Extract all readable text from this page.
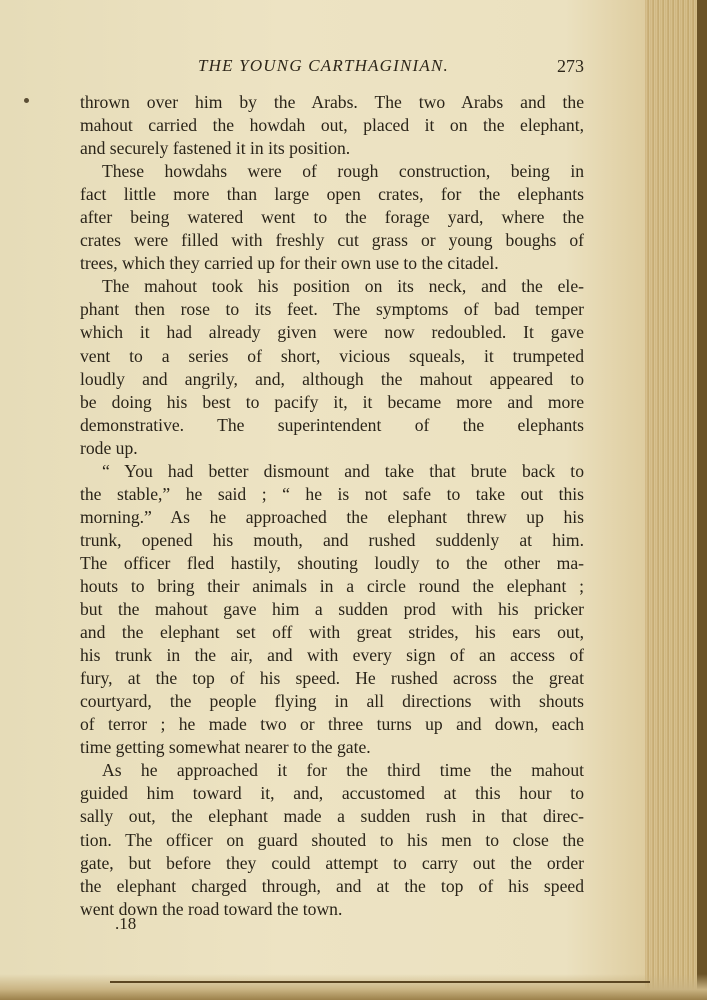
THE YOUNG CARTHAGINIAN.	273
thrown over him by the Arabs. The two Arabs and the
mahout carried the howdah out, placed it on the elephant,
and securely fastened it in its position.
These howdahs were of rough construction, being in
fact little more than large open crates, for the elephants
after being watered went to the forage yard, where the
crates were filled with freshly cut grass or young boughs of
trees, which they carried up for their own use to the citadel.
The mahout took his position on its neck, and the ele-
phant then rose to its feet. The symptoms of bad temper
which it had already given were now redoubled. It gave
vent to a series of short, vicious squeals, it trumpeted
loudly and angrily, and, although the mahout appeared to
be doing his best to pacify it, it became more and more
demonstrative. The superintendent of the elephants
rode up.
“ You had better dismount and take that brute back to
the stable,” he said ; “ he is not safe to take out this
morning.” As he approached the elephant threw up his
trunk, opened his mouth, and rushed suddenly at him.
The officer fled hastily, shouting loudly to the other ma-
houts to bring their animals in a circle round the elephant ;
but the mahout gave him a sudden prod with his pricker
and the elephant set off with great strides, his ears out,
his trunk in the air, and with every sign of an access of
fury, at the top of his speed. He rushed across the great
courtyard, the people flying in all directions with shouts
of terror ; he made two or three turns up and down, each
time getting somewhat nearer to the gate.
As he approached it for the third time the mahout
guided him toward it, and, accustomed at this hour to
sally out, the elephant made a sudden rush in that direc-
tion. The officer on guard shouted to his men to close the
gate, but before they could attempt to carry out the order
the elephant charged through, and at the top of his speed
went down the road toward the town.
.18
